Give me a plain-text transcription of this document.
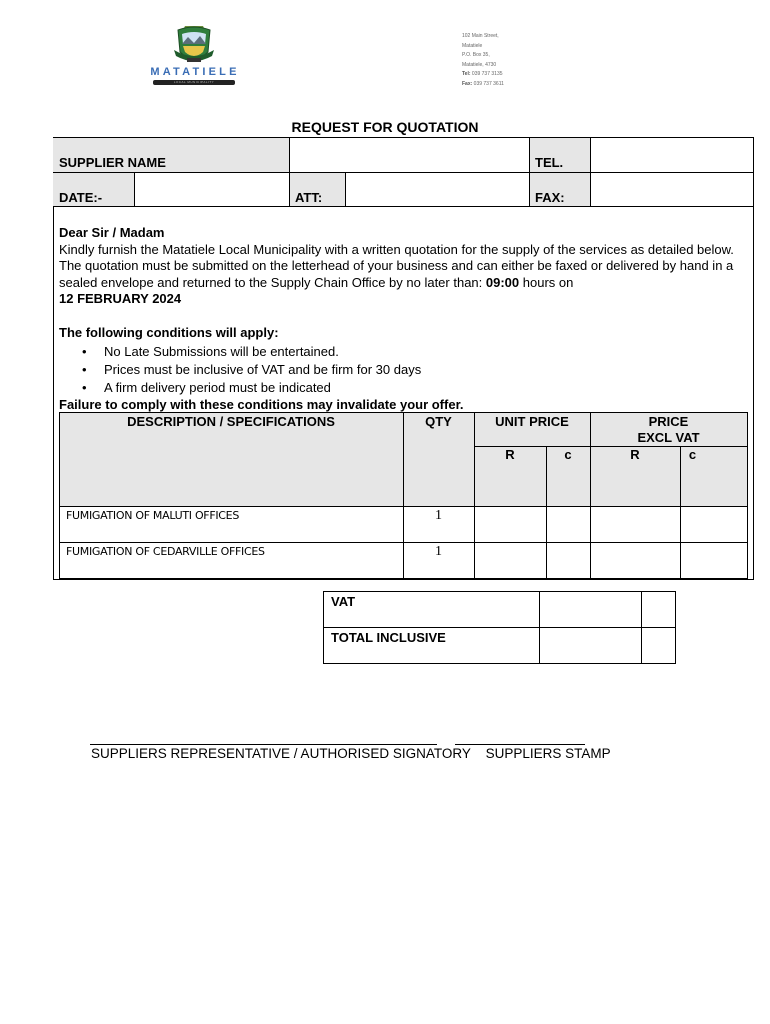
MATATIELE
LOCAL MUNICIPALITY
102 Main Street,
Matatiele
P.O. Box 35,
Matatiele, 4730
Tel: 039 737 3135
Fax: 039 737 3611
REQUEST FOR QUOTATION
SUPPLIER NAME	TEL.
DATE:-	ATT:	FAX:

Dear Sir / Madam

Kindly furnish the Matatiele Local Municipality with a written quotation for the supply of the services as detailed below. The quotation must be submitted on the letterhead of your business and can either be faxed or delivered by hand in a sealed envelope and returned to the Supply Chain Office by no later than: 09:00 hours on

12 FEBRUARY 2024

The following conditions will apply:
• No Late Submissions will be entertained.
• Prices must be inclusive of VAT and be firm for 30 days
• A firm delivery period must be indicated
Failure to comply with these conditions may invalidate your offer.
DESCRIPTION / SPECIFICATIONS	QTY	UNIT PRICE	PRICE
EXCL VAT
R	c	R	c
FUMIGATION OF MALUTI OFFICES	1
FUMIGATION OF CEDARVILLE OFFICES	1
VAT
TOTAL INCLUSIVE
SUPPLIERS REPRESENTATIVE / AUTHORISED SIGNATORY    SUPPLIERS STAMP
